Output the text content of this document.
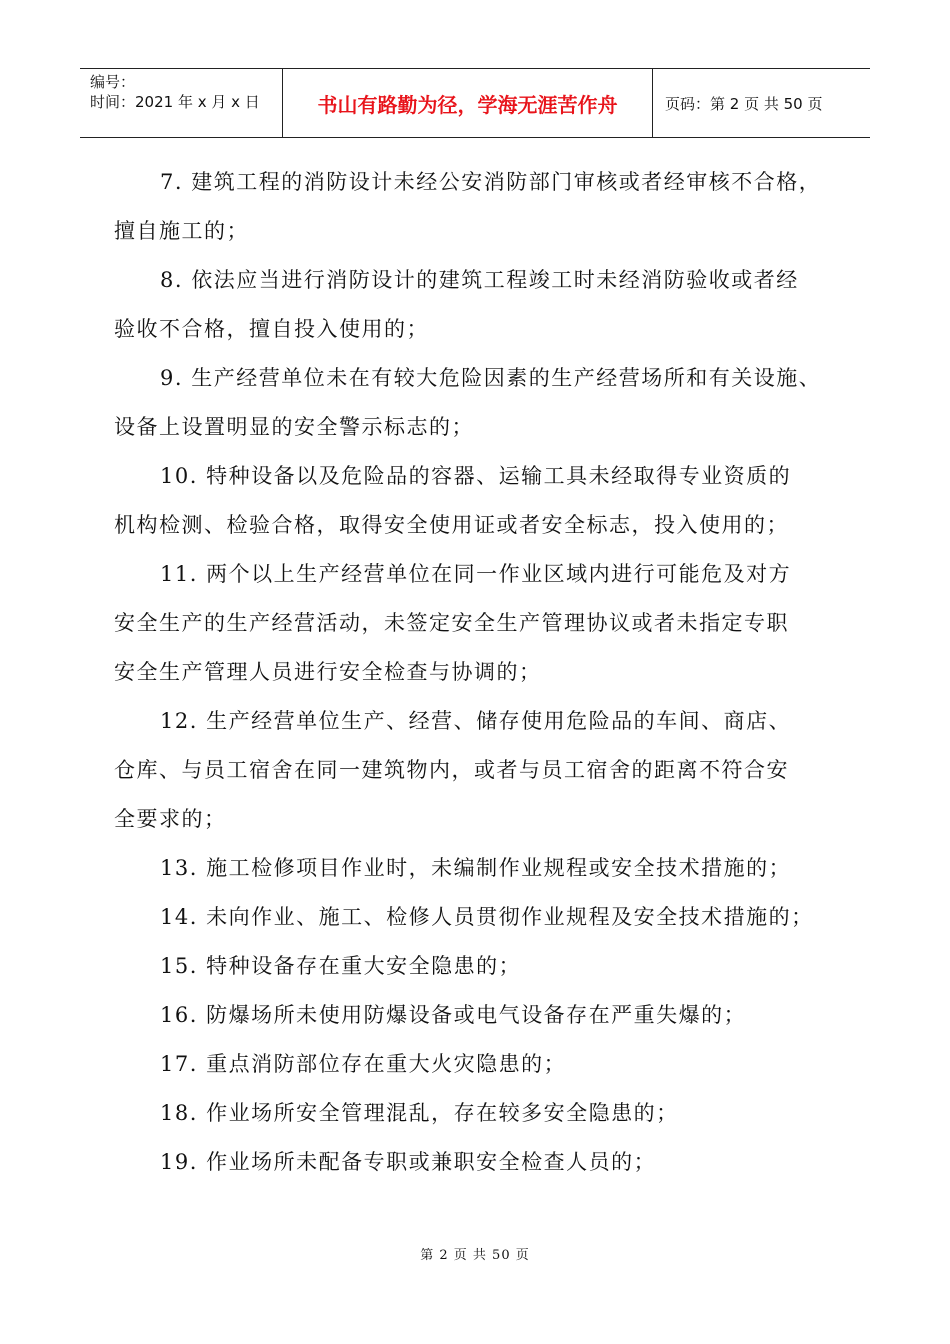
编号：
时间：2021 年 x 月 x 日	书山有路勤为径，学海无涯苦作舟	页码：第 2 页 共 50 页
7. 建筑工程的消防设计未经公安消防部门审核或者经审核不合格，
擅自施工的；
8. 依法应当进行消防设计的建筑工程竣工时未经消防验收或者经
验收不合格，擅自投入使用的；
9. 生产经营单位未在有较大危险因素的生产经营场所和有关设施、
设备上设置明显的安全警示标志的；
10. 特种设备以及危险品的容器、运输工具未经取得专业资质的
机构检测、检验合格，取得安全使用证或者安全标志，投入使用的；
11. 两个以上生产经营单位在同一作业区域内进行可能危及对方
安全生产的生产经营活动，未签定安全生产管理协议或者未指定专职
安全生产管理人员进行安全检查与协调的；
12. 生产经营单位生产、经营、储存使用危险品的车间、商店、
仓库、与员工宿舍在同一建筑物内，或者与员工宿舍的距离不符合安
全要求的；
13. 施工检修项目作业时，未编制作业规程或安全技术措施的；
14. 未向作业、施工、检修人员贯彻作业规程及安全技术措施的；
15. 特种设备存在重大安全隐患的；
16. 防爆场所未使用防爆设备或电气设备存在严重失爆的；
17. 重点消防部位存在重大火灾隐患的；
18. 作业场所安全管理混乱，存在较多安全隐患的；
19. 作业场所未配备专职或兼职安全检查人员的；
第 2 页 共 50 页
